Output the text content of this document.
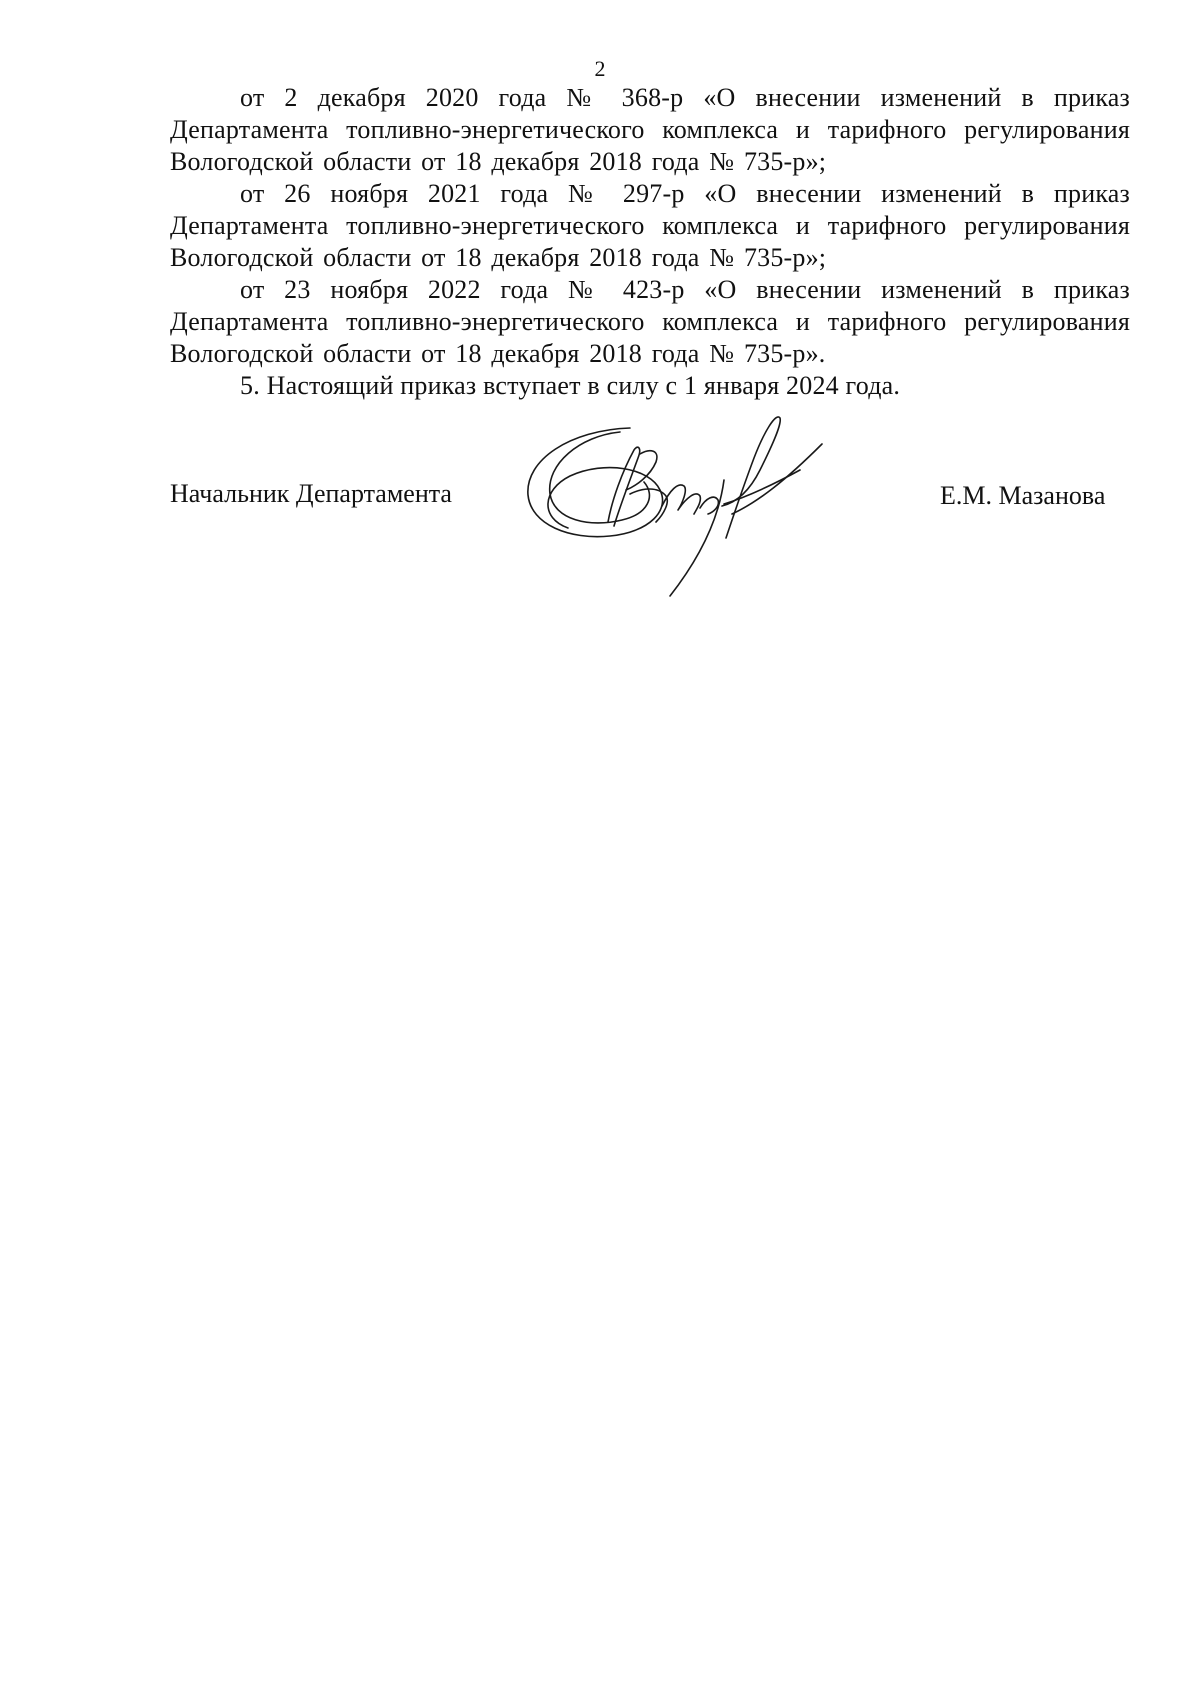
2

от 2 декабря 2020 года № 368-р «О внесении изменений в приказ Департамента топливно-энергетического комплекса и тарифного регулирования Вологодской области от 18 декабря 2018 года № 735-р»;

от 26 ноября 2021 года № 297-р «О внесении изменений в приказ Департамента топливно-энергетического комплекса и тарифного регулирования Вологодской области от 18 декабря 2018 года № 735-р»;

от 23 ноября 2022 года № 423-р «О внесении изменений в приказ Департамента топливно-энергетического комплекса и тарифного регулирования Вологодской области от 18 декабря 2018 года № 735-р».

5. Настоящий приказ вступает в силу с 1 января 2024 года.

Начальник Департамента	Е.М. Мазанова
